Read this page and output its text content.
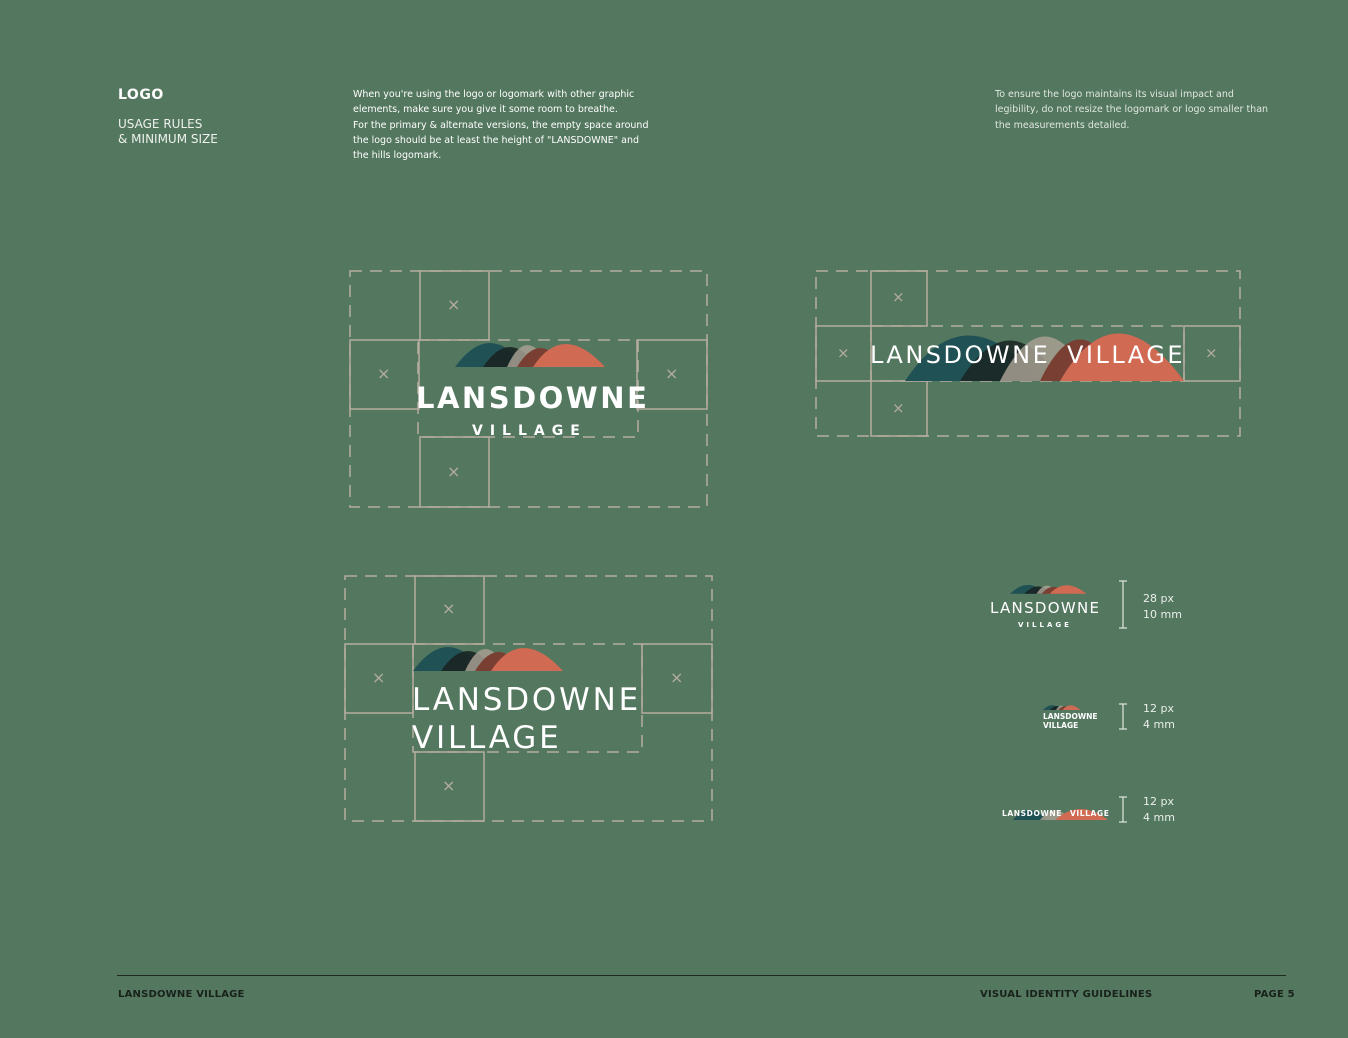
LOGO
USAGE RULES
& MINIMUM SIZE

When you're using the logo or logomark with other graphic elements, make sure you give it some room to breathe.

For the primary & alternate versions, the empty space around the logo should be at least the height of "LANSDOWNE" and the hills logomark.

To ensure the logo maintains its visual impact and legibility, do not resize the logomark or logo smaller than the measurements detailed.

×
×	×
×
×
×	×
×
×
×	×
×
LANSDOWNE
VILLAGE
LANSDOWNE VILLAGE
LANSDOWNE
VILLAGE
LANSDOWNE
VILLAGE
LANSDOWNE
VILLAGE
LANSDOWNE VILLAGE
28 px
10 mm
12 px
4 mm
12 px
4 mm
LANSDOWNE VILLAGE	VISUAL IDENTITY GUIDELINES	PAGE 5
